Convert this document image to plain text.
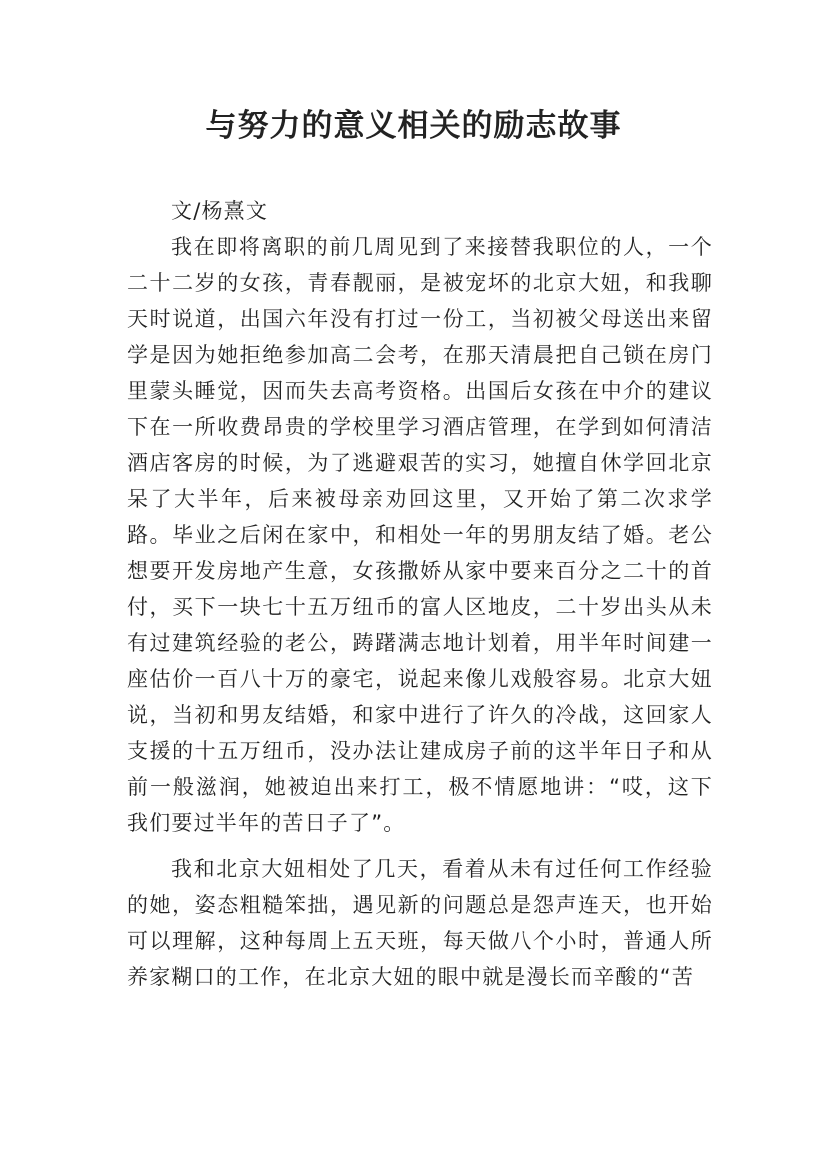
与努力的意义相关的励志故事
文/杨熹文

我在即将离职的前几周见到了来接替我职位的人，一个二十二岁的女孩，青春靓丽，是被宠坏的北京大妞，和我聊天时说道，出国六年没有打过一份工，当初被父母送出来留学是因为她拒绝参加高二会考，在那天清晨把自己锁在房门里蒙头睡觉，因而失去高考资格。出国后女孩在中介的建议下在一所收费昂贵的学校里学习酒店管理，在学到如何清洁酒店客房的时候，为了逃避艰苦的实习，她擅自休学回北京呆了大半年，后来被母亲劝回这里，又开始了第二次求学路。毕业之后闲在家中，和相处一年的男朋友结了婚。老公想要开发房地产生意，女孩撒娇从家中要来百分之二十的首付，买下一块七十五万纽币的富人区地皮，二十岁出头从未有过建筑经验的老公，踌躇满志地计划着，用半年时间建一座估价一百八十万的豪宅，说起来像儿戏般容易。北京大妞说，当初和男友结婚，和家中进行了许久的冷战，这回家人支援的十五万纽币，没办法让建成房子前的这半年日子和从前一般滋润，她被迫出来打工，极不情愿地讲：“哎，这下我们要过半年的苦日子了”。

我和北京大妞相处了几天，看着从未有过任何工作经验的她，姿态粗糙笨拙，遇见新的问题总是怨声连天，也开始可以理解，这种每周上五天班，每天做八个小时，普通人所养家糊口的工作，在北京大妞的眼中就是漫长而辛酸的“苦
